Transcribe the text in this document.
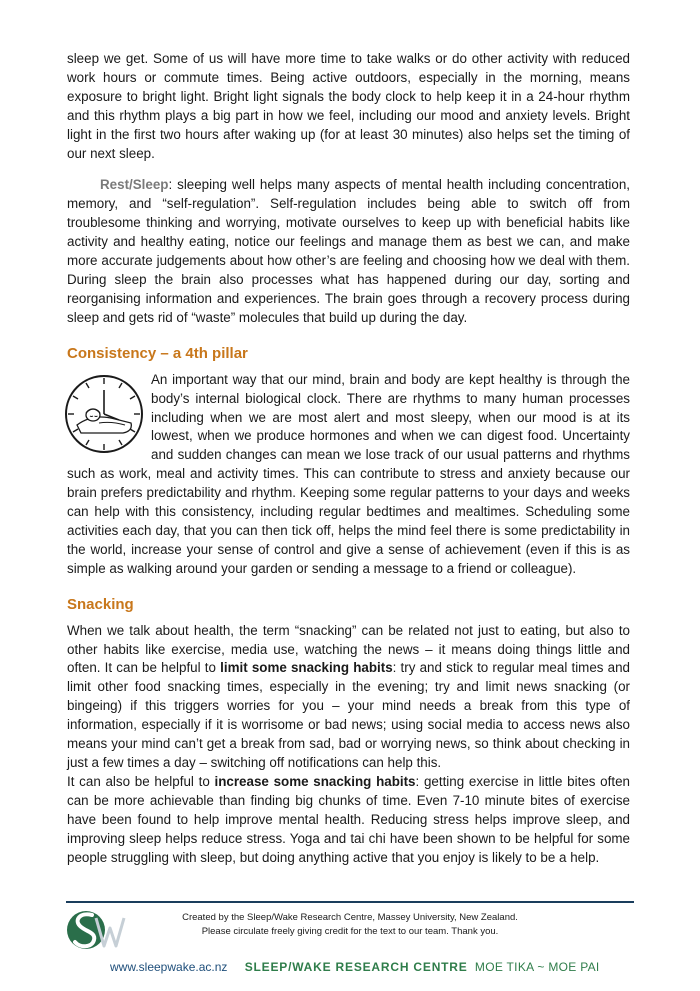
sleep we get. Some of us will have more time to take walks or do other activity with reduced work hours or commute times. Being active outdoors, especially in the morning, means exposure to bright light. Bright light signals the body clock to help keep it in a 24-hour rhythm and this rhythm plays a big part in how we feel, including our mood and anxiety levels. Bright light in the first two hours after waking up (for at least 30 minutes) also helps set the timing of our next sleep.

Rest/Sleep: sleeping well helps many aspects of mental health including concentration, memory, and “self-regulation”. Self-regulation includes being able to switch off from troublesome thinking and worrying, motivate ourselves to keep up with beneficial habits like activity and healthy eating, notice our feelings and manage them as best we can, and make more accurate judgements about how other’s are feeling and choosing how we deal with them. During sleep the brain also processes what has happened during our day, sorting and reorganising information and experiences. The brain goes through a recovery process during sleep and gets rid of “waste” molecules that build up during the day.

Consistency – a 4th pillar

An important way that our mind, brain and body are kept healthy is through the body’s internal biological clock. There are rhythms to many human processes including when we are most alert and most sleepy, when our mood is at its lowest, when we produce hormones and when we can digest food. Uncertainty and sudden changes can mean we lose track of our usual patterns and rhythms such as work, meal and activity times. This can contribute to stress and anxiety because our brain prefers predictability and rhythm. Keeping some regular patterns to your days and weeks can help with this consistency, including regular bedtimes and mealtimes. Scheduling some activities each day, that you can then tick off, helps the mind feel there is some predictability in the world, increase your sense of control and give a sense of achievement (even if this is as simple as walking around your garden or sending a message to a friend or colleague).

Snacking

When we talk about health, the term “snacking” can be related not just to eating, but also to other habits like exercise, media use, watching the news – it means doing things little and often. It can be helpful to limit some snacking habits: try and stick to regular meal times and limit other food snacking times, especially in the evening; try and limit news snacking (or bingeing) if this triggers worries for you – your mind needs a break from this type of information, especially if it is worrisome or bad news; using social media to access news also means your mind can’t get a break from sad, bad or worrying news, so think about checking in just a few times a day – switching off notifications can help this.

It can also be helpful to increase some snacking habits: getting exercise in little bites often can be more achievable than finding big chunks of time. Even 7-10 minute bites of exercise have been found to help improve mental health. Reducing stress helps improve sleep, and improving sleep helps reduce stress. Yoga and tai chi have been shown to be helpful for some people struggling with sleep, but doing anything active that you enjoy is likely to be a help.

Created by the Sleep/Wake Research Centre, Massey University, New Zealand.
Please circulate freely giving credit for the text to our team. Thank you.
www.sleepwake.ac.nz SLEEP/WAKE RESEARCH CENTRE MOE TIKA ~ MOE PAI
